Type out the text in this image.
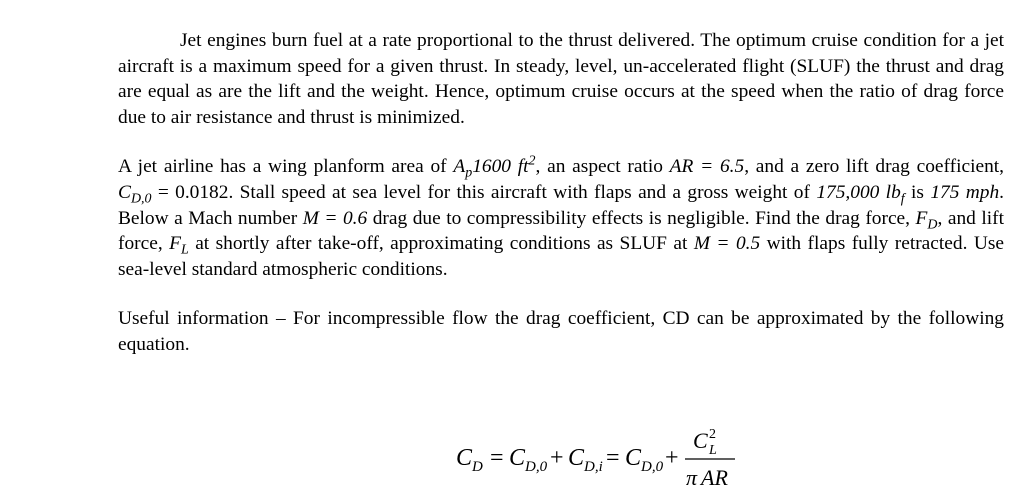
Jet engines burn fuel at a rate proportional to the thrust delivered. The optimum cruise condition for a jet aircraft is a maximum speed for a given thrust. In steady, level, un-accelerated flight (SLUF) the thrust and drag are equal as are the lift and the weight. Hence, optimum cruise occurs at the speed when the ratio of drag force due to air resistance and thrust is minimized.

A jet airline has a wing planform area of $A_p1600$ $ft^2$, an aspect ratio AR = 6.5, and a zero lift drag coefficient, $C_{D,0} = 0.0182$. Stall speed at sea level for this aircraft with flaps and a gross weight of 175,000 $lb_f$ is 175 mph. Below a Mach number M = 0.6 drag due to compressibility effects is negligible. Find the drag force, $F_D$, and lift force, $F_L$ at shortly after take-off, approximating conditions as SLUF at M = 0.5 with flaps fully retracted. Use sea-level standard atmospheric conditions.

Useful information – For incompressible flow the drag coefficient, CD can be approximated by the following equation.

C D = C D,0 + C D,i = C D,0 +
C 2
L
π AR
